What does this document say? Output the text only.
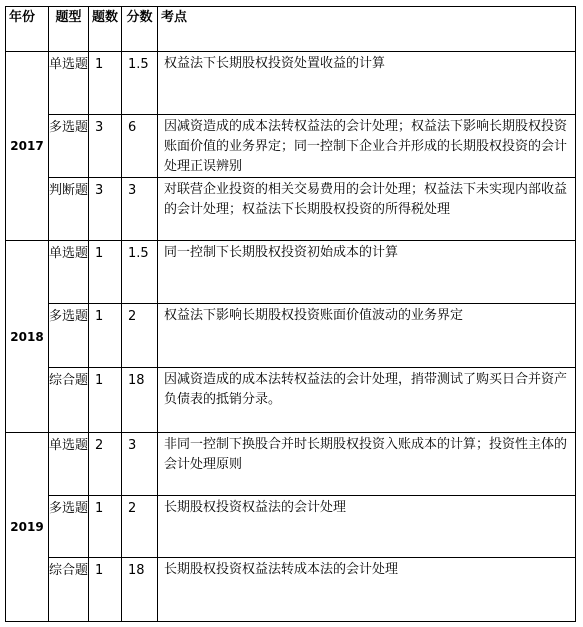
年份	题型	题数	分数	考点
2017	单选题	1	1.5	权益法下长期股权投资处置收益的计算
	多选题	3	6	因减资造成的成本法转权益法的会计处理；权益法下影响长期股权投资账面价值的业务界定；同一控制下企业合并形成的长期股权投资的会计处理正误辨别
	判断题	3	3	对联营企业投资的相关交易费用的会计处理；权益法下未实现内部收益的会计处理；权益法下长期股权投资的所得税处理
2018	单选题	1	1.5	同一控制下长期股权投资初始成本的计算
	多选题	1	2	权益法下影响长期股权投资账面价值波动的业务界定
	综合题	1	18	因减资造成的成本法转权益法的会计处理，捎带测试了购买日合并资产负债表的抵销分录。
2019	单选题	2	3	非同一控制下换股合并时长期股权投资入账成本的计算；投资性主体的会计处理原则
	多选题	1	2	长期股权投资权益法的会计处理
	综合题	1	18	长期股权投资权益法转成本法的会计处理
